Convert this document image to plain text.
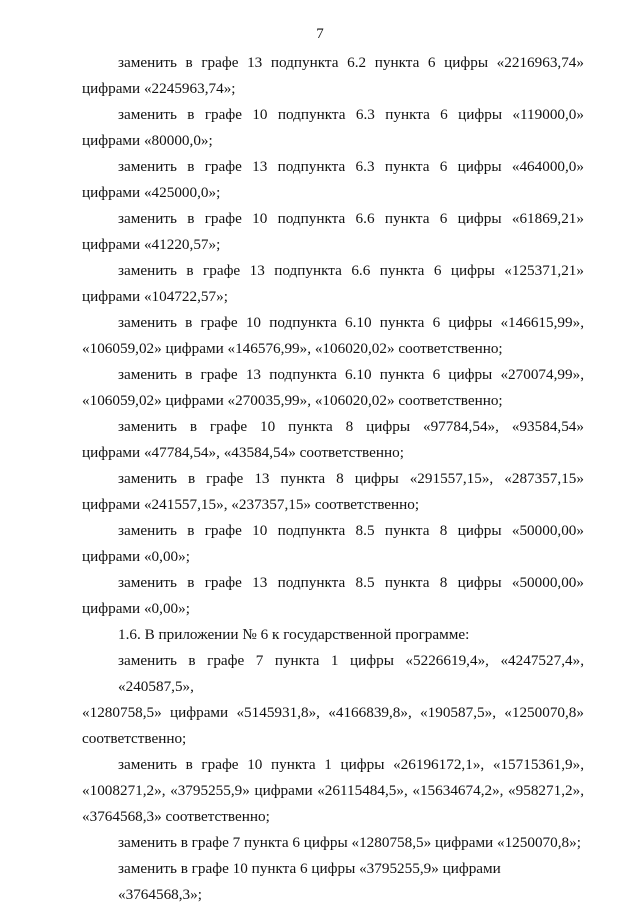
7
заменить в графе 13 подпункта 6.2 пункта 6 цифры «2216963,74»
цифрами «2245963,74»;
заменить в графе 10 подпункта 6.3 пункта 6 цифры «119000,0»
цифрами «80000,0»;
заменить в графе 13 подпункта 6.3 пункта 6 цифры «464000,0»
цифрами «425000,0»;
заменить в графе 10 подпункта 6.6 пункта 6 цифры «61869,21»
цифрами «41220,57»;
заменить в графе 13 подпункта 6.6 пункта 6 цифры «125371,21»
цифрами «104722,57»;
заменить в графе 10 подпункта 6.10 пункта 6 цифры «146615,99»,
«106059,02» цифрами «146576,99», «106020,02» соответственно;
заменить в графе 13 подпункта 6.10 пункта 6 цифры «270074,99»,
«106059,02» цифрами «270035,99», «106020,02» соответственно;
заменить в графе 10 пункта 8 цифры «97784,54», «93584,54»
цифрами «47784,54», «43584,54» соответственно;
заменить в графе 13 пункта 8 цифры «291557,15», «287357,15»
цифрами «241557,15», «237357,15» соответственно;
заменить в графе 10 подпункта 8.5 пункта 8 цифры «50000,00»
цифрами «0,00»;
заменить в графе 13 подпункта 8.5 пункта 8 цифры «50000,00»
цифрами «0,00»;
1.6. В приложении № 6 к государственной программе:
заменить в графе 7 пункта 1 цифры «5226619,4», «4247527,4», «240587,5»,
«1280758,5» цифрами «5145931,8», «4166839,8», «190587,5», «1250070,8»
соответственно;
заменить в графе 10 пункта 1 цифры «26196172,1», «15715361,9»,
«1008271,2», «3795255,9» цифрами «26115484,5», «15634674,2», «958271,2»,
«3764568,3» соответственно;
заменить в графе 7 пункта 6 цифры «1280758,5» цифрами «1250070,8»;
заменить в графе 10 пункта 6 цифры «3795255,9» цифрами «3764568,3»;
